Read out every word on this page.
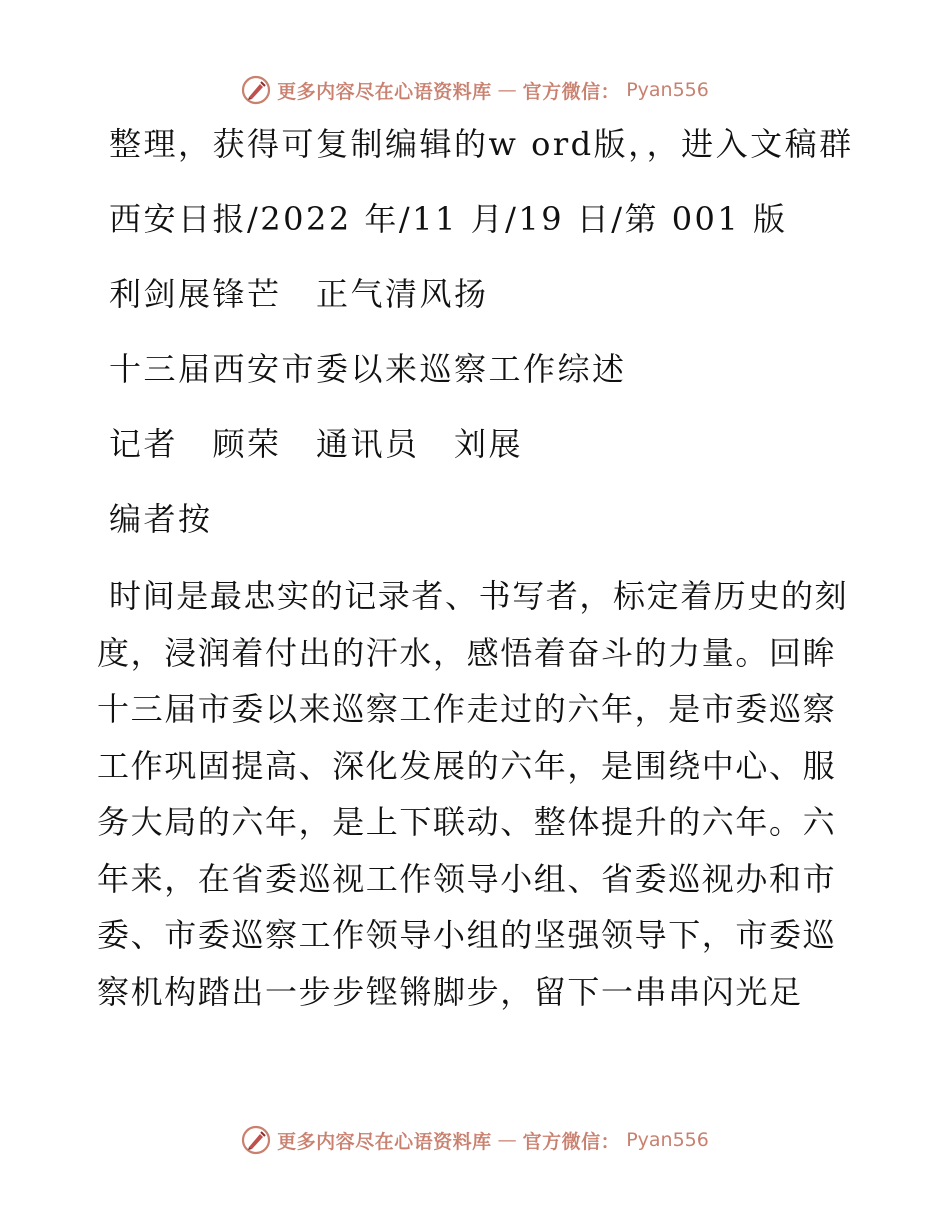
更多内容尽在心语资料库 — 官方微信： Pyan556

整理，获得可复制编辑的w ord版，，进入文稿群

西安日报/2022 年/11 月/19 日/第 001 版

利剑展锋芒　正气清风扬

十三届西安市委以来巡察工作综述

记者　顾荣　通讯员　刘展

编者按

时间是最忠实的记录者、书写者，标定着历史的刻度，浸润着付出的汗水，感悟着奋斗的力量。回眸十三届市委以来巡察工作走过的六年，是市委巡察工作巩固提高、深化发展的六年，是围绕中心、服务大局的六年，是上下联动、整体提升的六年。六年来，在省委巡视工作领导小组、省委巡视办和市委、市委巡察工作领导小组的坚强领导下，市委巡察机构踏出一步步铿锵脚步，留下一串串闪光足

更多内容尽在心语资料库 — 官方微信： Pyan556
